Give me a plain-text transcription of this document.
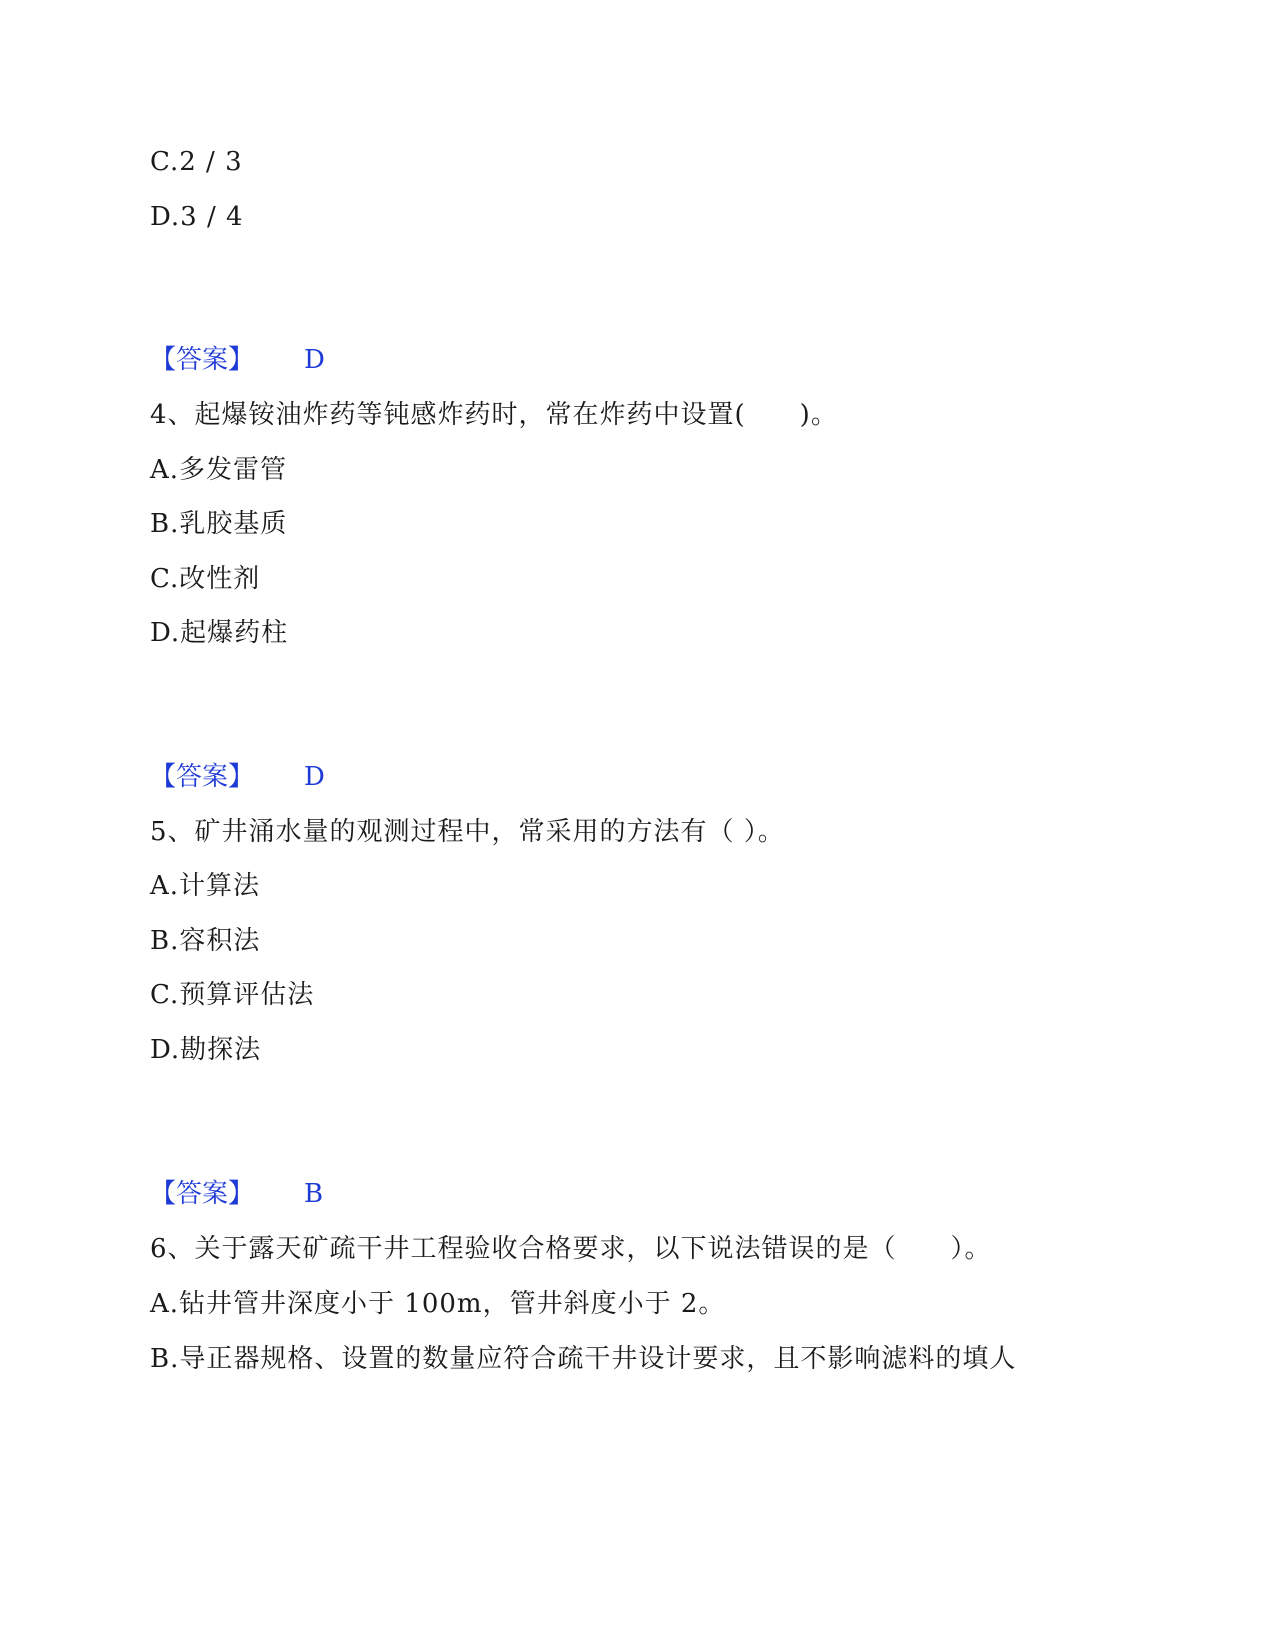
C.2 / 3
D.3 / 4
【答案】 D
4、起爆铵油炸药等钝感炸药时，常在炸药中设置(　　)。
A.多发雷管
B.乳胶基质
C.改性剂
D.起爆药柱
【答案】 D
5、矿井涌水量的观测过程中，常采用的方法有（ ）。
A.计算法
B.容积法
C.预算评估法
D.勘探法
【答案】 B
6、关于露天矿疏干井工程验收合格要求，以下说法错误的是（　　）。
A.钻井管井深度小于 100m，管井斜度小于 2。
B.导正器规格、设置的数量应符合疏干井设计要求，且不影响滤料的填人
